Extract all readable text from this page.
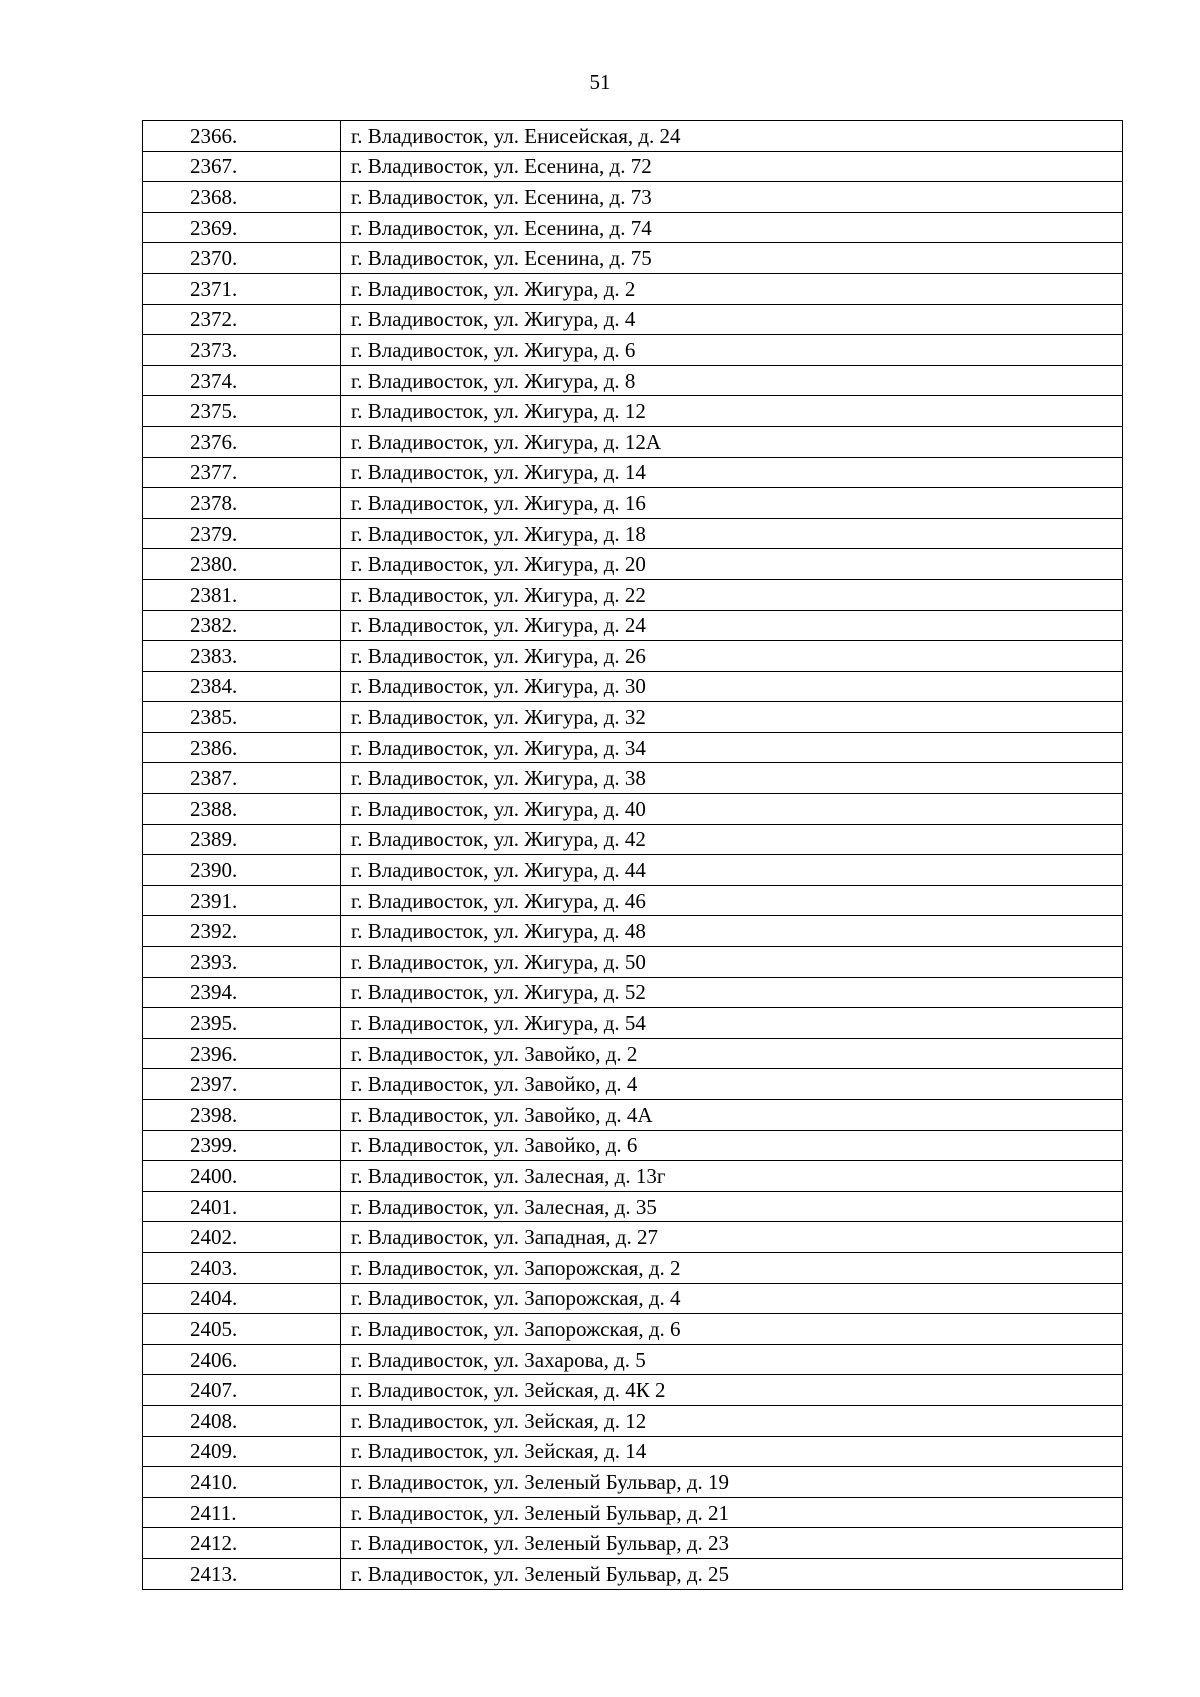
51
2366.	г. Владивосток, ул. Енисейская, д. 24
2367.	г. Владивосток, ул. Есенина, д. 72
2368.	г. Владивосток, ул. Есенина, д. 73
2369.	г. Владивосток, ул. Есенина, д. 74
2370.	г. Владивосток, ул. Есенина, д. 75
2371.	г. Владивосток, ул. Жигура, д. 2
2372.	г. Владивосток, ул. Жигура, д. 4
2373.	г. Владивосток, ул. Жигура, д. 6
2374.	г. Владивосток, ул. Жигура, д. 8
2375.	г. Владивосток, ул. Жигура, д. 12
2376.	г. Владивосток, ул. Жигура, д. 12А
2377.	г. Владивосток, ул. Жигура, д. 14
2378.	г. Владивосток, ул. Жигура, д. 16
2379.	г. Владивосток, ул. Жигура, д. 18
2380.	г. Владивосток, ул. Жигура, д. 20
2381.	г. Владивосток, ул. Жигура, д. 22
2382.	г. Владивосток, ул. Жигура, д. 24
2383.	г. Владивосток, ул. Жигура, д. 26
2384.	г. Владивосток, ул. Жигура, д. 30
2385.	г. Владивосток, ул. Жигура, д. 32
2386.	г. Владивосток, ул. Жигура, д. 34
2387.	г. Владивосток, ул. Жигура, д. 38
2388.	г. Владивосток, ул. Жигура, д. 40
2389.	г. Владивосток, ул. Жигура, д. 42
2390.	г. Владивосток, ул. Жигура, д. 44
2391.	г. Владивосток, ул. Жигура, д. 46
2392.	г. Владивосток, ул. Жигура, д. 48
2393.	г. Владивосток, ул. Жигура, д. 50
2394.	г. Владивосток, ул. Жигура, д. 52
2395.	г. Владивосток, ул. Жигура, д. 54
2396.	г. Владивосток, ул. Завойко, д. 2
2397.	г. Владивосток, ул. Завойко, д. 4
2398.	г. Владивосток, ул. Завойко, д. 4А
2399.	г. Владивосток, ул. Завойко, д. 6
2400.	г. Владивосток, ул. Залесная, д. 13г
2401.	г. Владивосток, ул. Залесная, д. 35
2402.	г. Владивосток, ул. Западная, д. 27
2403.	г. Владивосток, ул. Запорожская, д. 2
2404.	г. Владивосток, ул. Запорожская, д. 4
2405.	г. Владивосток, ул. Запорожская, д. 6
2406.	г. Владивосток, ул. Захарова, д. 5
2407.	г. Владивосток, ул. Зейская, д. 4К 2
2408.	г. Владивосток, ул. Зейская, д. 12
2409.	г. Владивосток, ул. Зейская, д. 14
2410.	г. Владивосток, ул. Зеленый Бульвар, д. 19
2411.	г. Владивосток, ул. Зеленый Бульвар, д. 21
2412.	г. Владивосток, ул. Зеленый Бульвар, д. 23
2413.	г. Владивосток, ул. Зеленый Бульвар, д. 25
